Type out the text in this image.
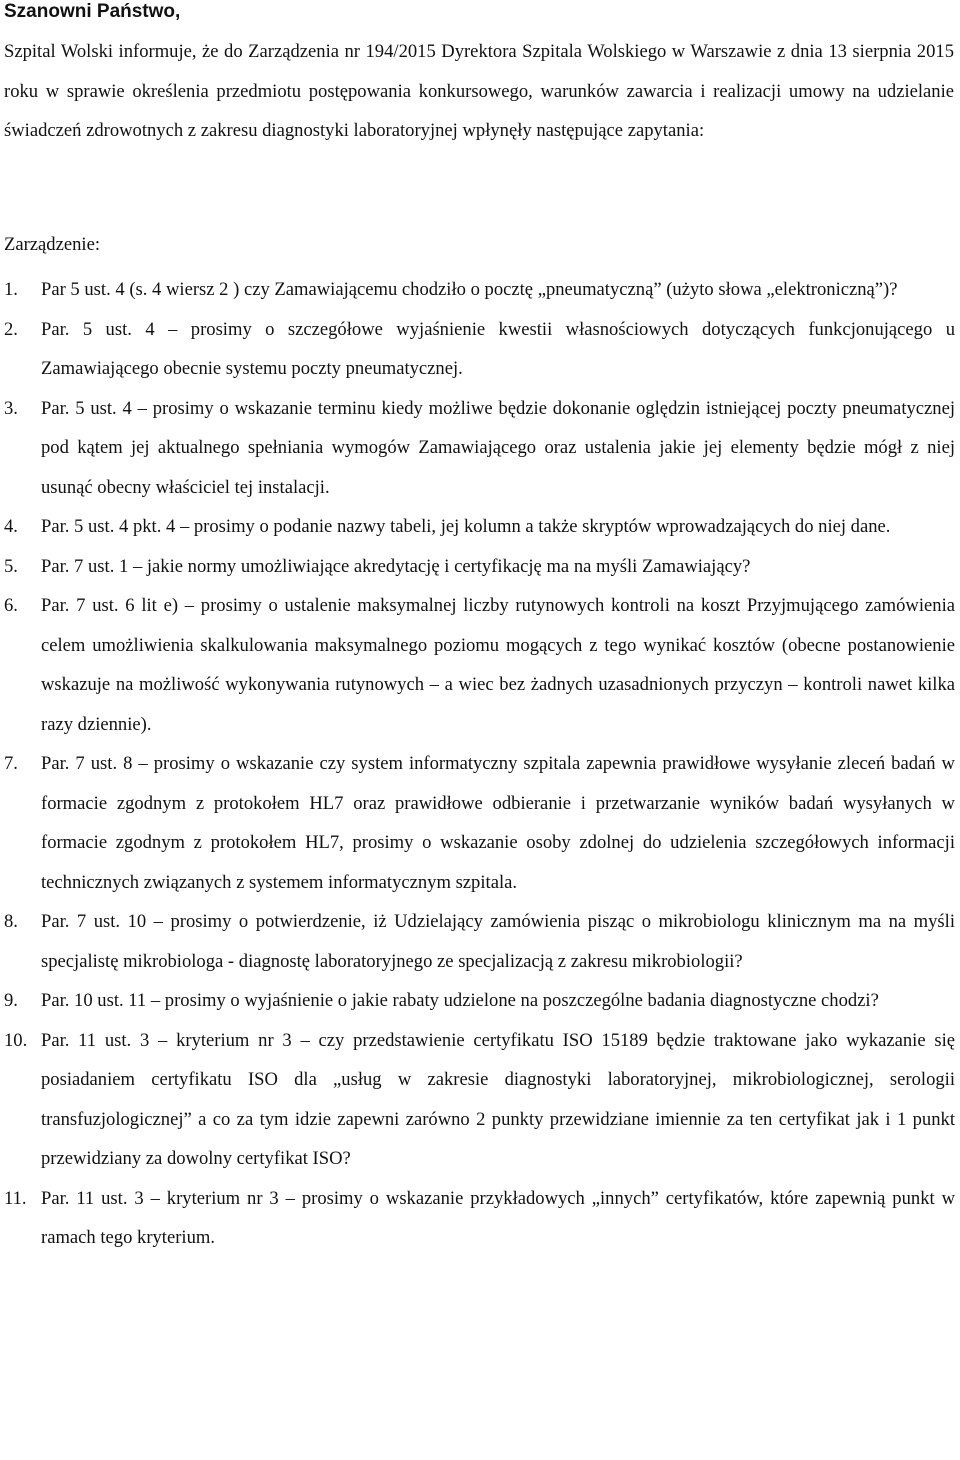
Szanowni Państwo,

Szpital Wolski informuje, że do Zarządzenia nr 194/2015 Dyrektora Szpitala Wolskiego w Warszawie z dnia 13 sierpnia 2015 roku w sprawie określenia przedmiotu postępowania konkursowego, warunków zawarcia i realizacji umowy na udzielanie świadczeń zdrowotnych z zakresu diagnostyki laboratoryjnej wpłynęły następujące zapytania:

Zarządzenie:

1. Par 5 ust. 4 (s. 4 wiersz 2 ) czy Zamawiającemu chodziło o pocztę „pneumatyczną” (użyto słowa „elektroniczną”)?
2. Par. 5 ust. 4 – prosimy o szczegółowe wyjaśnienie kwestii własnościowych dotyczących funkcjonującego u Zamawiającego obecnie systemu poczty pneumatycznej.
3. Par. 5 ust. 4 – prosimy o wskazanie terminu kiedy możliwe będzie dokonanie oględzin istniejącej poczty pneumatycznej pod kątem jej aktualnego spełniania wymogów Zamawiającego oraz ustalenia jakie jej elementy będzie mógł z niej usunąć obecny właściciel tej instalacji.
4. Par. 5 ust. 4 pkt. 4 – prosimy o podanie nazwy tabeli, jej kolumn a także skryptów wprowadzających do niej dane.
5. Par. 7 ust. 1 – jakie normy umożliwiające akredytację i certyfikację ma na myśli Zamawiający?
6. Par. 7 ust. 6 lit e) – prosimy o ustalenie maksymalnej liczby rutynowych kontroli na koszt Przyjmującego zamówienia celem umożliwienia skalkulowania maksymalnego poziomu mogących z tego wynikać kosztów (obecne postanowienie wskazuje na możliwość wykonywania rutynowych – a wiec bez żadnych uzasadnionych przyczyn – kontroli nawet kilka razy dziennie).
7. Par. 7 ust. 8 – prosimy o wskazanie czy system informatyczny szpitala zapewnia prawidłowe wysyłanie zleceń badań w formacie zgodnym z protokołem HL7 oraz prawidłowe odbieranie i przetwarzanie wyników badań wysyłanych w formacie zgodnym z protokołem HL7, prosimy o wskazanie osoby zdolnej do udzielenia szczegółowych informacji technicznych związanych z systemem informatycznym szpitala.
8. Par. 7 ust. 10 – prosimy o potwierdzenie, iż Udzielający zamówienia pisząc o mikrobiologu klinicznym ma na myśli specjalistę mikrobiologa - diagnostę laboratoryjnego ze specjalizacją z zakresu mikrobiologii?
9. Par. 10 ust. 11 – prosimy o wyjaśnienie o jakie rabaty udzielone na poszczególne badania diagnostyczne chodzi?
10. Par. 11 ust. 3 – kryterium nr 3 – czy przedstawienie certyfikatu ISO 15189 będzie traktowane jako wykazanie się posiadaniem certyfikatu ISO dla „usług w zakresie diagnostyki laboratoryjnej, mikrobiologicznej, serologii transfuzjologicznej” a co za tym idzie zapewni zarówno 2 punkty przewidziane imiennie za ten certyfikat jak i 1 punkt przewidziany za dowolny certyfikat ISO?
11. Par. 11 ust. 3 – kryterium nr 3 – prosimy o wskazanie przykładowych „innych” certyfikatów, które zapewnią punkt w ramach tego kryterium.
